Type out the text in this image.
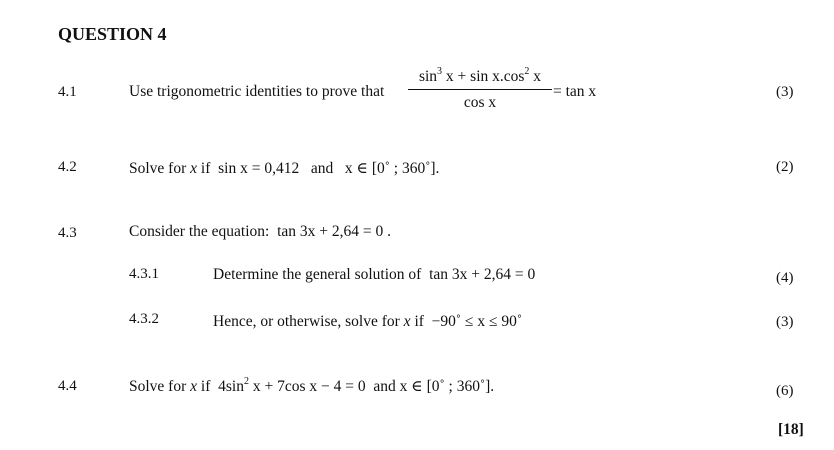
QUESTION 4
4.1	Use trigonometric identities to prove that
$\sin^3 x + \sin x.\cos^2$ x
cos x
= tan x	(3)
4.2	Solve for x if sin x = 0,412 and x ∈ [0˚ ; 360˚].	(2)
4.3	Consider the equation: tan 3x + 2,64 = 0 .
4.3.1	Determine the general solution of tan 3x + 2,64 = 0	(4)
4.3.2	Hence, or otherwise, solve for x if −90˚ ≤ x ≤ 90˚	(3)
4.4	Solve for x if $4\sin^2$ x + 7cos x − 4 = 0 and x ∈ [0˚ ; 360˚].	(6)
[18]
